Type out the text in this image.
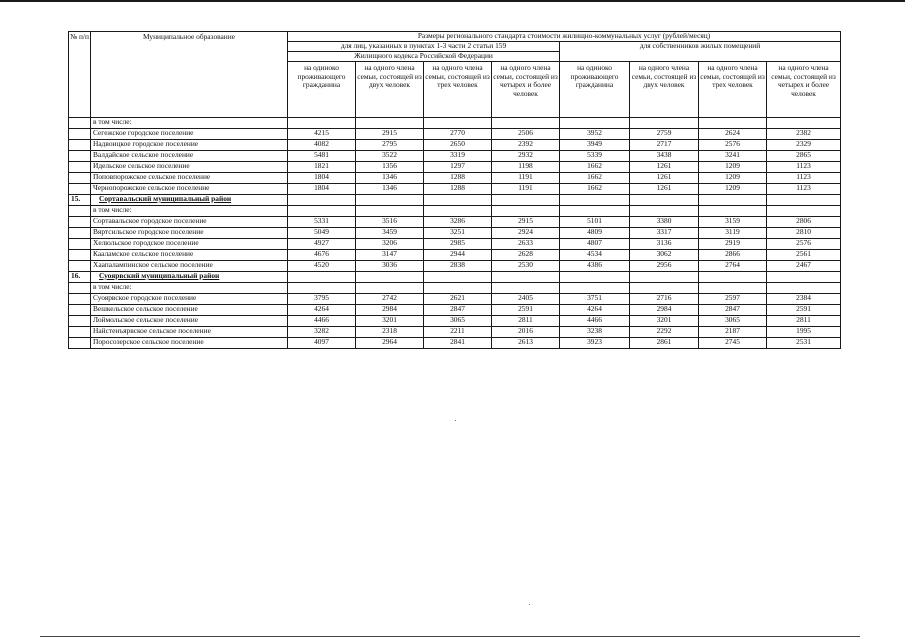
№ п/п	Муниципальное образование	Размеры регионального стандарта стоимости жилищно-коммунальных услуг (рублей/месяц)							
		для лиц, указанных в пунктах 1-3 части 2 статьи 159				для собственников жилых помещений			
		Жилищного кодекса Российской Федерации							
		на одиноко проживающего гражданина	на одного члена семьи, состоящей из двух человек	на одного члена семьи, состоящей из трех человек	на одного члена семьи, состоящей из четырех и более человек	на одиноко проживающего гражданина	на одного члена семьи, состоящей из двух человек	на одного члена семьи, состоящей из трех человек	на одного члена семьи, состоящей из четырех и более человек
	в том числе:								
	Сегежское городское поселение	4215	2915	2770	2506	3952	2759	2624	2382
	Надвоицкое городское поселение	4082	2795	2650	2392	3949	2717	2576	2329
	Валдайское сельское поселение	5481	3522	3319	2932	5339	3438	3241	2865
	Идельское сельское поселение	1821	1356	1297	1198	1662	1261	1209	1123
	Поповпорожское сельское поселение	1804	1346	1288	1191	1662	1261	1209	1123
	Чернопорожское сельское поселение	1804	1346	1288	1191	1662	1261	1209	1123
15.	Сортавальский муниципальный район								
	в том числе:								
	Сортавальское городское поселение	5331	3516	3286	2915	5101	3380	3159	2806
	Вяртсильское городское поселение	5049	3459	3251	2924	4809	3317	3119	2810
	Хелюльское городское поселение	4927	3206	2985	2633	4807	3136	2919	2576
	Кааламское сельское поселение	4676	3147	2944	2628	4534	3062	2866	2561
	Хаапалампинское сельское поселение	4520	3036	2838	2530	4386	2956	2764	2467
16.	Суоярвский муниципальный район								
	в том числе:								
	Суоярвское городское поселение	3795	2742	2621	2405	3751	2716	2597	2384
	Вешкельское сельское поселение	4264	2984	2847	2591	4264	2984	2847	2591
	Лоймольское сельское поселение	4466	3201	3065	2811	4466	3201	3065	2811
	Найстенъярвское сельское поселение	3282	2318	2211	2016	3238	2292	2187	1995
	Поросозерское сельское поселение	4097	2964	2841	2613	3923	2861	2745	2531
